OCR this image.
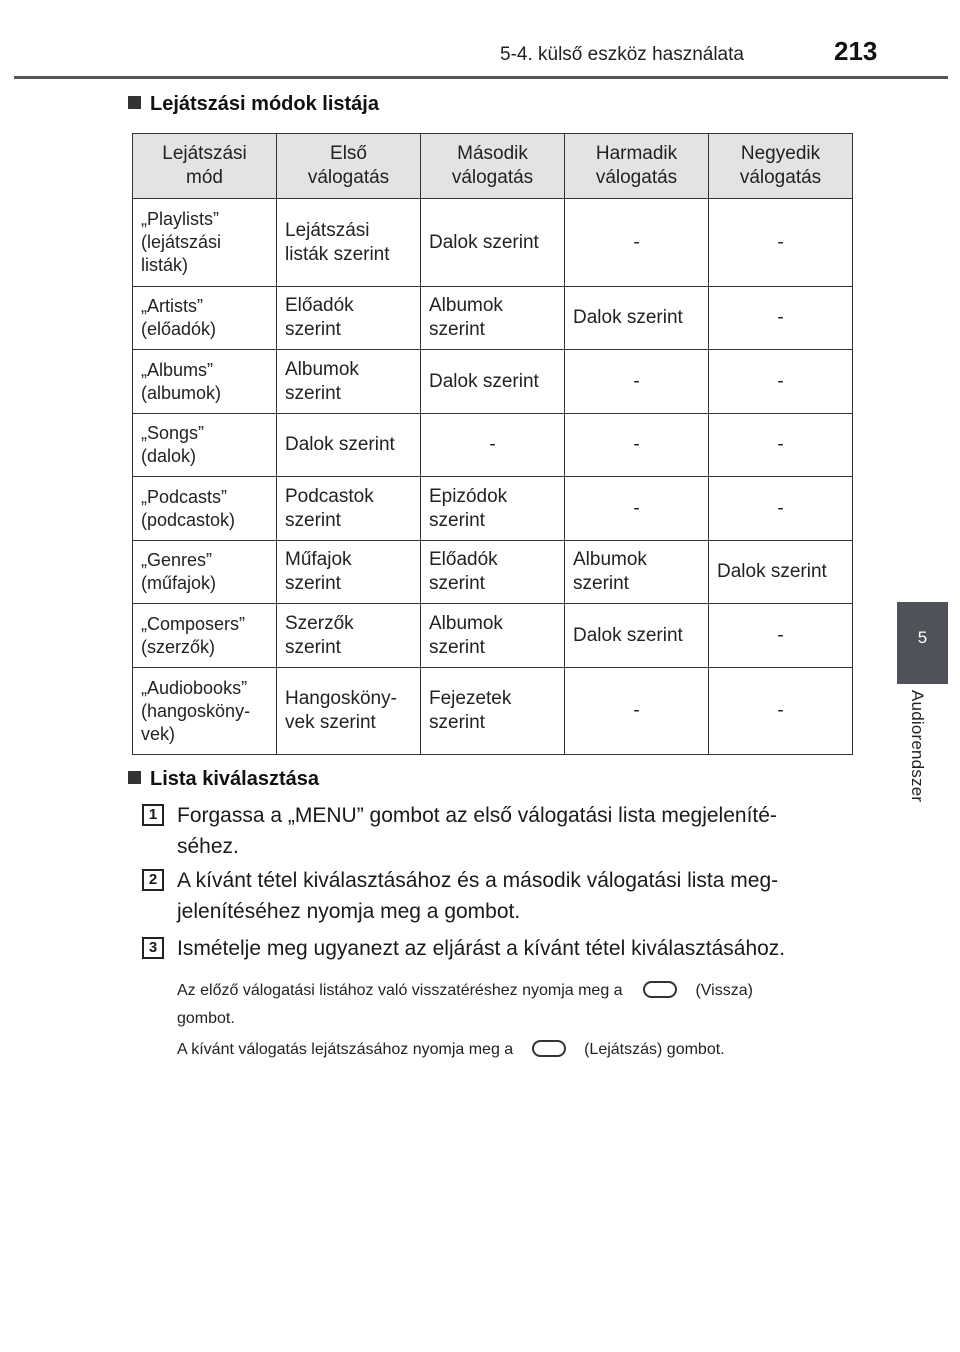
5-4. külső eszköz használata	213
5
Audiorendszer
Lejátszási módok listája
Lejátszási
mód	Első
válogatás	Második
válogatás	Harmadik
válogatás	Negyedik
válogatás

„Playlists”
(lejátszási
listák)	Lejátszási
listák szerint	Dalok szerint	-	-

„Artists”
(előadók)	Előadók
szerint	Albumok
szerint	Dalok szerint	-

„Albums”
(albumok)	Albumok
szerint	Dalok szerint	-	-

„Songs”
(dalok)	Dalok szerint	-	-	-

„Podcasts”
(podcastok)	Podcastok
szerint	Epizódok
szerint	-	-

„Genres”
(műfajok)	Műfajok
szerint	Előadók
szerint	Albumok
szerint	Dalok szerint

„Composers”
(szerzők)	Szerzők
szerint	Albumok
szerint	Dalok szerint	-

„Audiobooks”
(hangosköny-
vek)	Hangosköny-
vek szerint	Fejezetek
szerint	-	-
Lista kiválasztása
1 Forgassa a „MENU” gombot az első válogatási lista megjeleníté-
séhez.
2 A kívánt tétel kiválasztásához és a második válogatási lista meg-
jelenítéséhez nyomja meg a gombot.
3 Ismételje meg ugyanezt az eljárást a kívánt tétel kiválasztásához.
Az előző válogatási listához való visszatéréshez nyomja meg a	(Vissza)
gombot.
A kívánt válogatás lejátszásához nyomja meg a	(Lejátszás) gombot.
